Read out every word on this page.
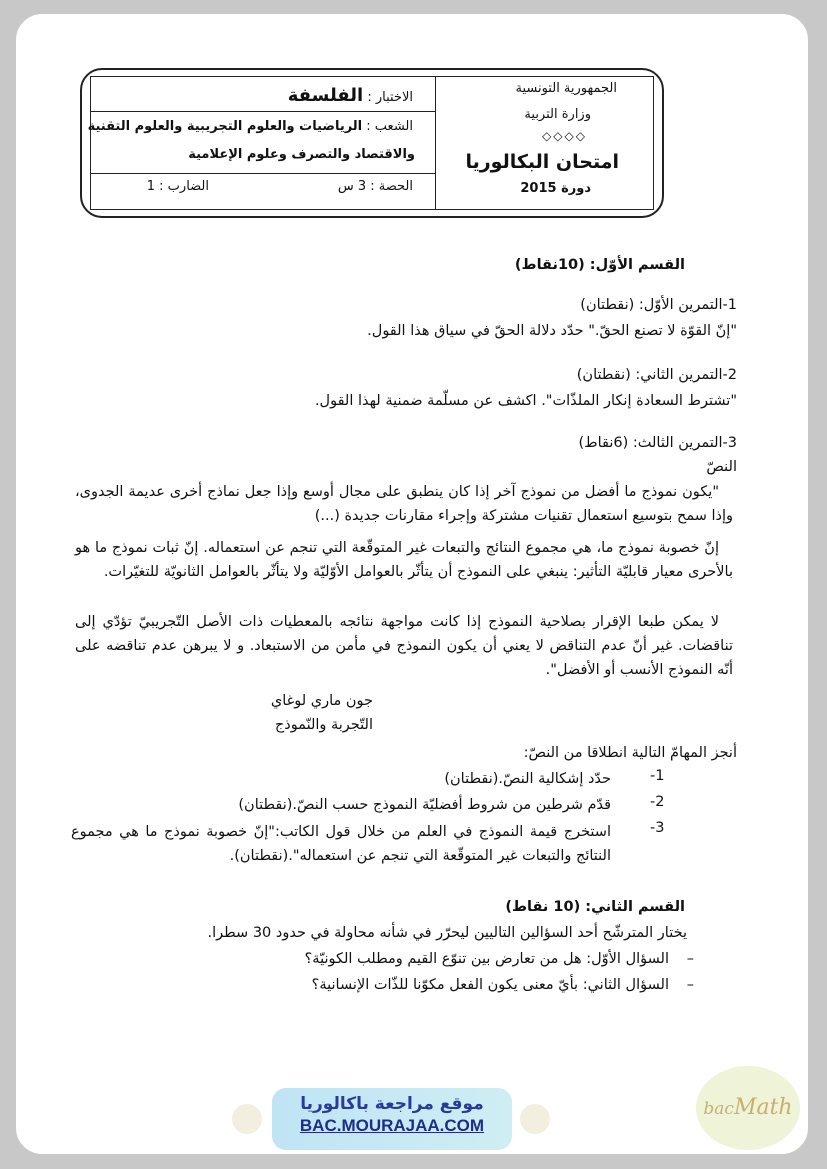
الجمهورية التونسية
وزارة التربية
◇◇◇◇
امتحان البكالوريا
دورة 2015
الاختبار : الفلسفة
الشعب : الرياضيات والعلوم التجريبية والعلوم التقنية
والاقتصاد والتصرف وعلوم الإعلامية
الحصة : 3 س
الضارب : 1
القسم الأوّل: (10نقاط)
1-التمرين الأوّل: (نقطتان)
"إنّ القوّة لا تصنع الحقّ." حدّد دلالة الحقّ في سياق هذا القول.
2-التمرين الثاني: (نقطتان)
"تشترط السعادة إنكار الملذّات". اكشف عن مسلّمة ضمنية لهذا القول.
3-التمرين الثالث: (6نقاط)
النصّ
"يكون نموذج ما أفضل من نموذج آخر إذا كان ينطبق على مجال أوسع وإذا جعل نماذج أخرى عديمة الجدوى، وإذا سمح بتوسيع استعمال تقنيات مشتركة وإجراء مقارنات جديدة (...)
إنّ خصوبة نموذج ما، هي مجموع النتائج والتبعات غير المتوقّعة التي تنجم عن استعماله. إنّ ثبات نموذج ما هو بالأحرى معيار قابليّة التأثير: ينبغي على النموذج أن يتأثّر بالعوامل الأوّليّة ولا يتأثّر بالعوامل الثانويّة للتغيّرات.
لا يمكن طبعا الإقرار بصلاحية النموذج إذا كانت مواجهة نتائجه بالمعطيات ذات الأصل التّجريبيّ تؤدّي إلى تناقضات. غير أنّ عدم التناقض لا يعني أن يكون النموذج في مأمن من الاستبعاد. و لا يبرهن عدم تناقضه على أنّه النموذج الأنسب أو الأفضل".
جون ماري لوغاي
التّجربة والنّموذج
أنجز المهامّ التالية انطلاقا من النصّ:
-1
حدّد إشكالية النصّ.(نقطتان)
-2
قدّم شرطين من شروط أفضليّة النموذج حسب النصّ.(نقطتان)
-3
استخرج قيمة النموذج في العلم من خلال قول الكاتب:"إنّ خصوبة نموذج ما هي مجموع النتائج والتبعات غير المتوقّعة التي تنجم عن استعماله".(نقطتان).
القسم الثاني: (10 نقاط)
يختار المترشّح أحد السؤالين التاليين ليحرّر في شأنه محاولة في حدود 30 سطرا.
–
السؤال الأوّل: هل من تعارض بين تنوّع القيم ومطلب الكونيّة؟
–
السؤال الثاني: بأيّ معنى يكون الفعل مكوّنا للذّات الإنسانية؟
موقع مراجعة باكالوريا
BAC.MOURAJAA.COM
bacMath
